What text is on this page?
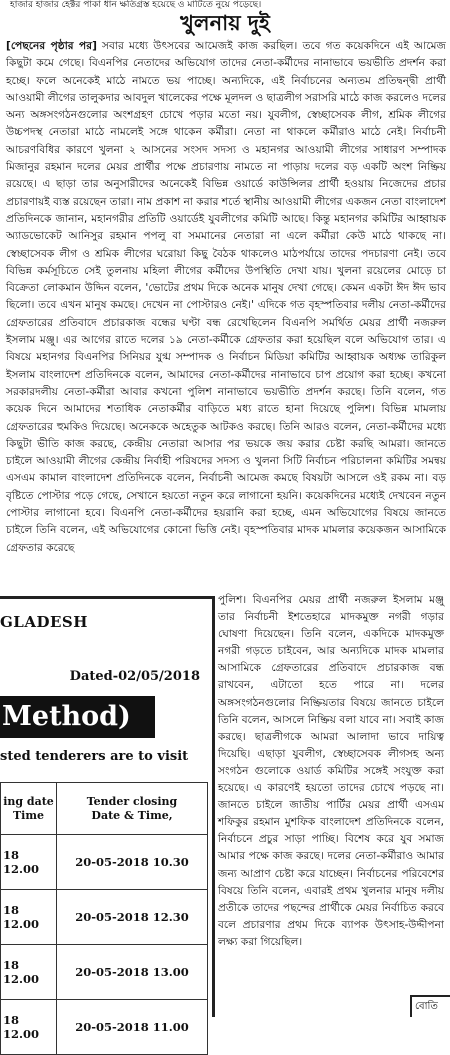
হাজার হাজার হেক্টর পাকা ধান ক্ষতিগ্রস্ত হয়েছে ও মাটিতে নুয়ে পড়েছে।
খুলনায় দুই

[পেছনের পৃষ্ঠার পর] সবার মধ্যে উৎসবের আমেজই কাজ করছিল। তবে গত কয়েকদিনে এই আমেজ কিছুটা কমে গেছে। বিএনপির নেতাদের অভিযোগ তাদের নেতা-কর্মীদের নানাভাবে ভয়ভীতি প্রদর্শন করা হচ্ছে। ফলে অনেকেই মাঠে নামতে ভয় পাচ্ছে। অন্যদিকে, এই নির্বাচনের অন্যতম প্রতিদ্বন্দ্বী প্রার্থী আওয়ামী লীগের তালুকদার আবদুল খালেকের পক্ষে মূলদল ও ছাত্রলীগ সরাসরি মাঠে কাজ করলেও দলের অন্য অঙ্গসংগঠনগুলোর অংশগ্রহণ চোখে পড়ার মতো নয়। যুবলীগ, স্বেচ্ছাসেবক লীগ, শ্রমিক লীগের উচ্চপদস্থ নেতারা মাঠে নামলেই সঙ্গে থাকেন কর্মীরা। নেতা না থাকলে কর্মীরাও মাঠে নেই। নির্বাচনী আচরণবিধির কারণে খুলনা ২ আসনের সংসদ সদস্য ও মহানগর আওয়ামী লীগের সাধারণ সম্পাদক মিজানুর রহমান দলের মেয়র প্রার্থীর পক্ষে প্রচারণায় নামতে না পাড়ায় দলের বড় একটি অংশ নিষ্ক্রিয় রয়েছে। এ ছাড়া তার অনুসারীদের অনেকেই বিভিন্ন ওয়ার্ডে কাউন্সিলর প্রার্থী হওয়ায় নিজেদের প্রচার প্রচারণায়ই ব্যস্ত রয়েছেন তারা। নাম প্রকাশ না করার শর্তে স্থানীয় আওয়ামী লীগের একজন নেতা বাংলাদেশ প্রতিদিনকে জানান, মহানগরীর প্রতিটি ওয়ার্ডেই যুবলীগের কমিটি আছে। কিন্তু মহানগর কমিটির আহ্বায়ক অ্যাডভোকেট আনিসুর রহমান পপলু বা সমমানের নেতারা না এলে কর্মীরা কেউ মাঠে থাকছে না। স্বেচ্ছাসেবক লীগ ও শ্রমিক লীগের ঘরোয়া কিছু বৈঠক থাকলেও মাঠপর্যায়ে তাদের পদচারণা নেই। তবে বিভিন্ন কর্মসূচিতে সেই তুলনায় মহিলা লীগের কর্মীদের উপস্থিতি দেখা যায়। খুলনা রয়েলের মোড়ে চা বিক্রেতা লোকমান উদ্দিন বলেন, 'ভোটের প্রথম দিকে অনেক মানুষ দেখা গেছে। কেমন একটা ঈদ ঈদ ভাব ছিলো। তবে এখন মানুষ কমছে। দেখেন না পোস্টারও নেই।' এদিকে গত বৃহস্পতিবার দলীয় নেতা-কর্মীদের গ্রেফতারের প্রতিবাদে প্রচারকাজ বন্ধের ঘণ্টা বন্ধ রেখেছিলেন বিএনপি সমর্থিত মেয়র প্রার্থী নজরুল ইসলাম মঞ্জু। এর আগের রাতে দলের ১৯ নেতা-কর্মীকে গ্রেফতার করা হয়েছিল বলে অভিযোগ তার। এ বিষয়ে মহানগর বিএনপির সিনিয়র যুগ্ম সম্পাদক ও নির্বাচন মিডিয়া কমিটির আহ্বায়ক অধ্যক্ষ তারিকুল ইসলাম বাংলাদেশ প্রতিদিনকে বলেন, আমাদের নেতা-কর্মীদের নানাভাবে চাপ প্রয়োগ করা হচ্ছে। কখনো সরকারদলীয় নেতা-কর্মীরা আবার কখনো পুলিশ নানাভাবে ভয়ভীতি প্রদর্শন করছে। তিনি বলেন, গত কয়েক দিনে আমাদের শতাধিক নেতাকর্মীর বাড়িতে মধ্য রাতে হানা দিয়েছে পুলিশ। বিভিন্ন মামলায় গ্রেফতারের হুমকিও দিয়েছে। অনেককে অহেতুক আটকও করছে। তিনি আরও বলেন, নেতা-কর্মীদের মধ্যে কিছুটা ভীতি কাজ করছে, কেন্দ্রীয় নেতারা আসার পর ভয়কে জয় করার চেষ্টা করছি আমরা। জানতে চাইলে আওয়ামী লীগের কেন্দ্রীয় নির্বাহী পরিষদের সদস্য ও খুলনা সিটি নির্বাচন পরিচালনা কমিটির সমন্বয় এসএম কামাল বাংলাদেশ প্রতিদিনকে বলেন, নির্বাচনী আমেজ কমছে বিষয়টা আসলে ওই রকম না। বড় বৃষ্টিতে পোস্টার পড়ে গেছে, সেখানে হয়তো নতুন করে লাগানো হয়নি। কয়েকদিনের মধ্যেই দেখবেন নতুন পোস্টার লাগানো হবে। বিএনপি নেতা-কর্মীদের হয়রানি করা হচ্ছে, এমন অভিযোগের বিষয়ে জানতে চাইলে তিনি বলেন, এই অভিযোগের কোনো ভিত্তি নেই। বৃহস্পতিবার মাদক মামলার কয়েকজন আসামিকে গ্রেফতার করেছে

GLADESH
Dated-02/05/2018
Method)
sted tenderers are to visit
ing date
Time	Tender closing
Date & Time,
18 12.00	20-05-2018 10.30
18 12.00	20-05-2018 12.30
18 12.00	20-05-2018 13.00
18 12.00	20-05-2018 11.00

পুলিশ। বিএনপির মেয়র প্রার্থী নজরুল ইসলাম মঞ্জু তার নির্বাচনী ইশতেহারে মাদকমুক্ত নগরী গড়ার ঘোষণা দিয়েছেন। তিনি বলেন, একদিকে মাদকমুক্ত নগরী গড়তে চাইবেন, আর অন্যদিকে মাদক মামলার আসামিকে গ্রেফতারের প্রতিবাদে প্রচারকাজ বন্ধ রাখবেন, এটাতো হতে পারে না। দলের অঙ্গসংগঠনগুলোর নিষ্ক্রিয়তার বিষয়ে জানতে চাইলে তিনি বলেন, আসলে নিষ্ক্রিয় বলা যাবে না। সবাই কাজ করছে। ছাত্রলীগকে আমরা আলাদা ভাবে দায়িত্ব দিয়েছি। এছাড়া যুবলীগ, স্বেচ্ছাসেবক লীগসহ অন্য সংগঠন গুলোকে ওয়ার্ড কমিটির সঙ্গেই সংযুক্ত করা হয়েছে। এ কারণেই হয়তো তাদের চোখে পড়ছে না। জানতে চাইলে জাতীয় পার্টির মেয়র প্রার্থী এসএম শফিকুর রহমান মুশফিক বাংলাদেশ প্রতিদিনকে বলেন, নির্বাচনে প্রচুর সাড়া পাচ্ছি। বিশেষ করে যুব সমাজ আমার পক্ষে কাজ করছে। দলের নেতা-কর্মীরাও আমার জন্য আপ্রাণ চেষ্টা করে যাচ্ছেন। নির্বাচনের পরিবেশের বিষয়ে তিনি বলেন, এবারই প্রথম খুলনার মানুষ দলীয় প্রতীকে তাদের পছন্দের প্রার্থীকে মেয়র নির্বাচিত করবে বলে প্রচারণার প্রথম দিকে ব্যাপক উৎসাহ-উদ্দীপনা লক্ষ্য করা গিয়েছিল।

বোতি
